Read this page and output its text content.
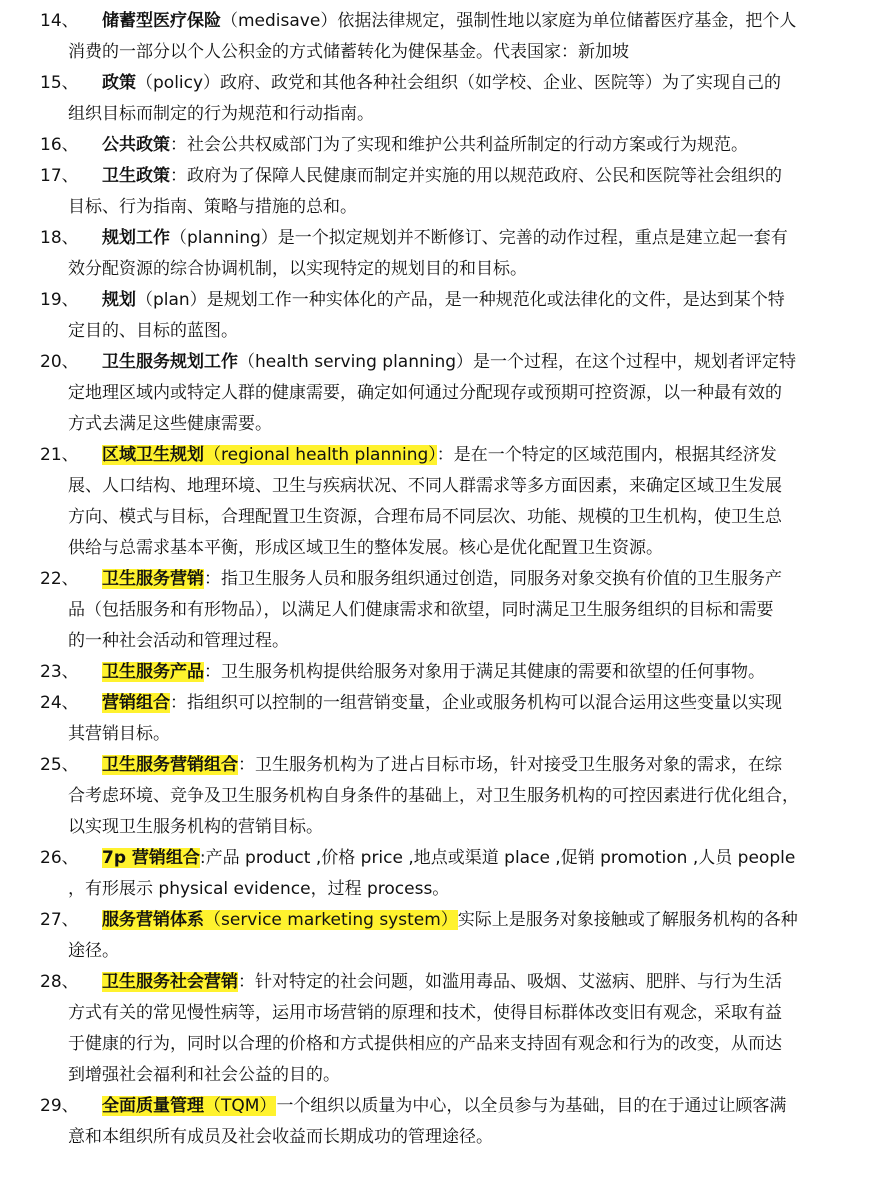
14、	储蓄型医疗保险（medisave）依据法律规定，强制性地以家庭为单位储蓄医疗基金，把个人
消费的一部分以个人公积金的方式储蓄转化为健保基金。代表国家：新加坡
15、	政策（policy）政府、政党和其他各种社会组织（如学校、企业、医院等）为了实现自己的
组织目标而制定的行为规范和行动指南。
16、	公共政策：社会公共权威部门为了实现和维护公共利益所制定的行动方案或行为规范。
17、	卫生政策：政府为了保障人民健康而制定并实施的用以规范政府、公民和医院等社会组织的
目标、行为指南、策略与措施的总和。
18、	规划工作（planning）是一个拟定规划并不断修订、完善的动作过程，重点是建立起一套有
效分配资源的综合协调机制，以实现特定的规划目的和目标。
19、	规划（plan）是规划工作一种实体化的产品，是一种规范化或法律化的文件，是达到某个特
定目的、目标的蓝图。
20、	卫生服务规划工作（health serving planning）是一个过程，在这个过程中，规划者评定特
定地理区域内或特定人群的健康需要，确定如何通过分配现存或预期可控资源，以一种最有效的
方式去满足这些健康需要。
21、	区域卫生规划（regional health planning）：是在一个特定的区域范围内，根据其经济发
展、人口结构、地理环境、卫生与疾病状况、不同人群需求等多方面因素，来确定区域卫生发展
方向、模式与目标，合理配置卫生资源，合理布局不同层次、功能、规模的卫生机构，使卫生总
供给与总需求基本平衡，形成区域卫生的整体发展。核心是优化配置卫生资源。
22、	卫生服务营销：指卫生服务人员和服务组织通过创造，同服务对象交换有价值的卫生服务产
品（包括服务和有形物品），以满足人们健康需求和欲望，同时满足卫生服务组织的目标和需要
的一种社会活动和管理过程。
23、	卫生服务产品：卫生服务机构提供给服务对象用于满足其健康的需要和欲望的任何事物。
24、	营销组合：指组织可以控制的一组营销变量，企业或服务机构可以混合运用这些变量以实现
其营销目标。
25、	卫生服务营销组合：卫生服务机构为了进占目标市场，针对接受卫生服务对象的需求，在综
合考虑环境、竞争及卫生服务机构自身条件的基础上，对卫生服务机构的可控因素进行优化组合，
以实现卫生服务机构的营销目标。
26、	7p 营销组合:产品 product ,价格 price ,地点或渠道 place ,促销 promotion ,人员 people
，有形展示 physical evidence，过程 process。
27、	服务营销体系（service marketing system）实际上是服务对象接触或了解服务机构的各种
途径。
28、	卫生服务社会营销：针对特定的社会问题，如滥用毒品、吸烟、艾滋病、肥胖、与行为生活
方式有关的常见慢性病等，运用市场营销的原理和技术，使得目标群体改变旧有观念，采取有益
于健康的行为，同时以合理的价格和方式提供相应的产品来支持固有观念和行为的改变，从而达
到增强社会福利和社会公益的目的。
29、	全面质量管理（TQM）一个组织以质量为中心，以全员参与为基础，目的在于通过让顾客满
意和本组织所有成员及社会收益而长期成功的管理途径。
